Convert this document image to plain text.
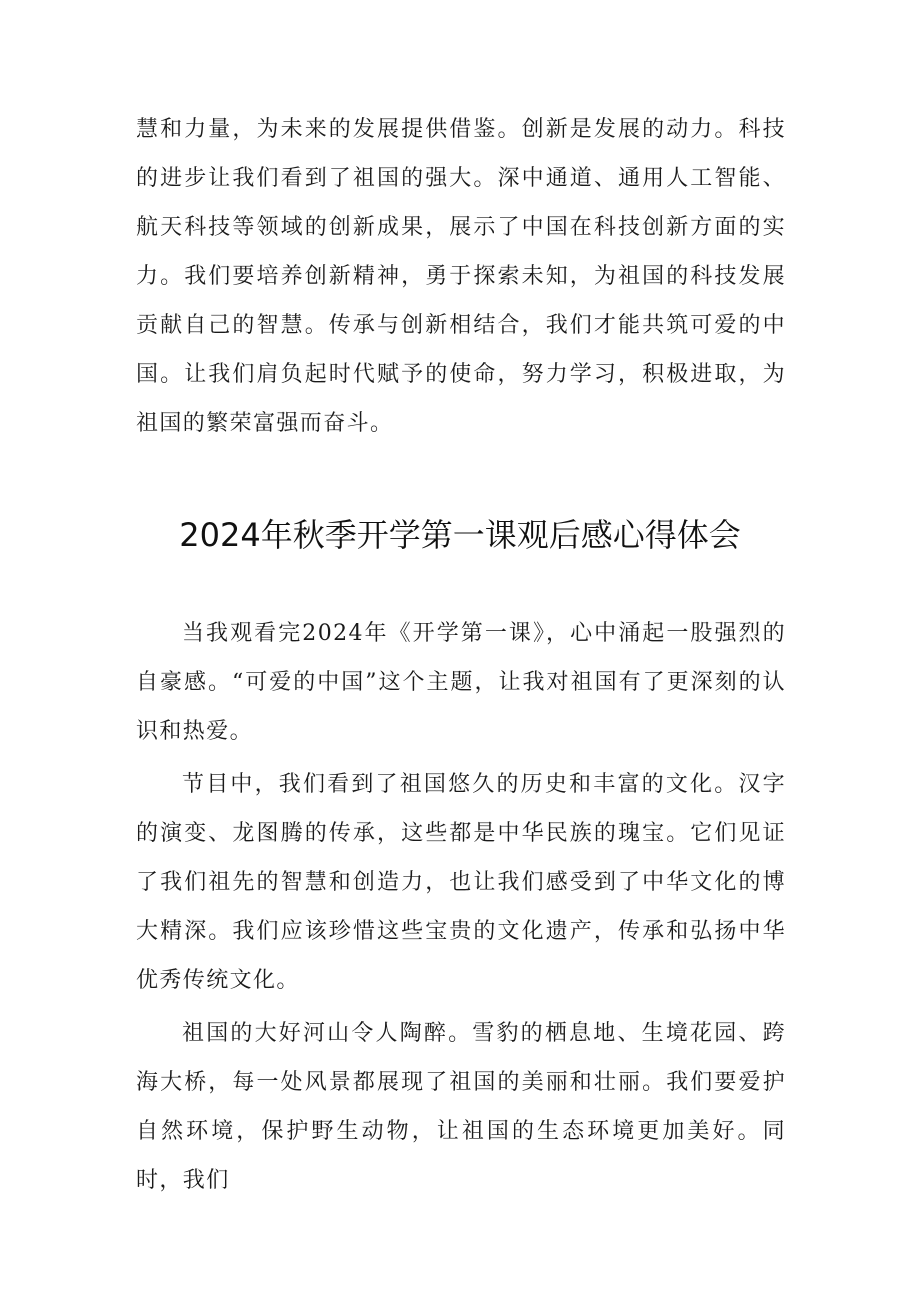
慧和力量，为未来的发展提供借鉴。创新是发展的动力。科技的进步让我们看到了祖国的强大。深中通道、通用人工智能、航天科技等领域的创新成果，展示了中国在科技创新方面的实力。我们要培养创新精神，勇于探索未知，为祖国的科技发展贡献自己的智慧。传承与创新相结合，我们才能共筑可爱的中国。让我们肩负起时代赋予的使命，努力学习，积极进取，为祖国的繁荣富强而奋斗。

2024年秋季开学第一课观后感心得体会

当我观看完2024年《开学第一课》，心中涌起一股强烈的自豪感。“可爱的中国”这个主题，让我对祖国有了更深刻的认识和热爱。

节目中，我们看到了祖国悠久的历史和丰富的文化。汉字的演变、龙图腾的传承，这些都是中华民族的瑰宝。它们见证了我们祖先的智慧和创造力，也让我们感受到了中华文化的博大精深。我们应该珍惜这些宝贵的文化遗产，传承和弘扬中华优秀传统文化。

祖国的大好河山令人陶醉。雪豹的栖息地、生境花园、跨海大桥，每一处风景都展现了祖国的美丽和壮丽。我们要爱护自然环境，保护野生动物，让祖国的生态环境更加美好。同时，我们
